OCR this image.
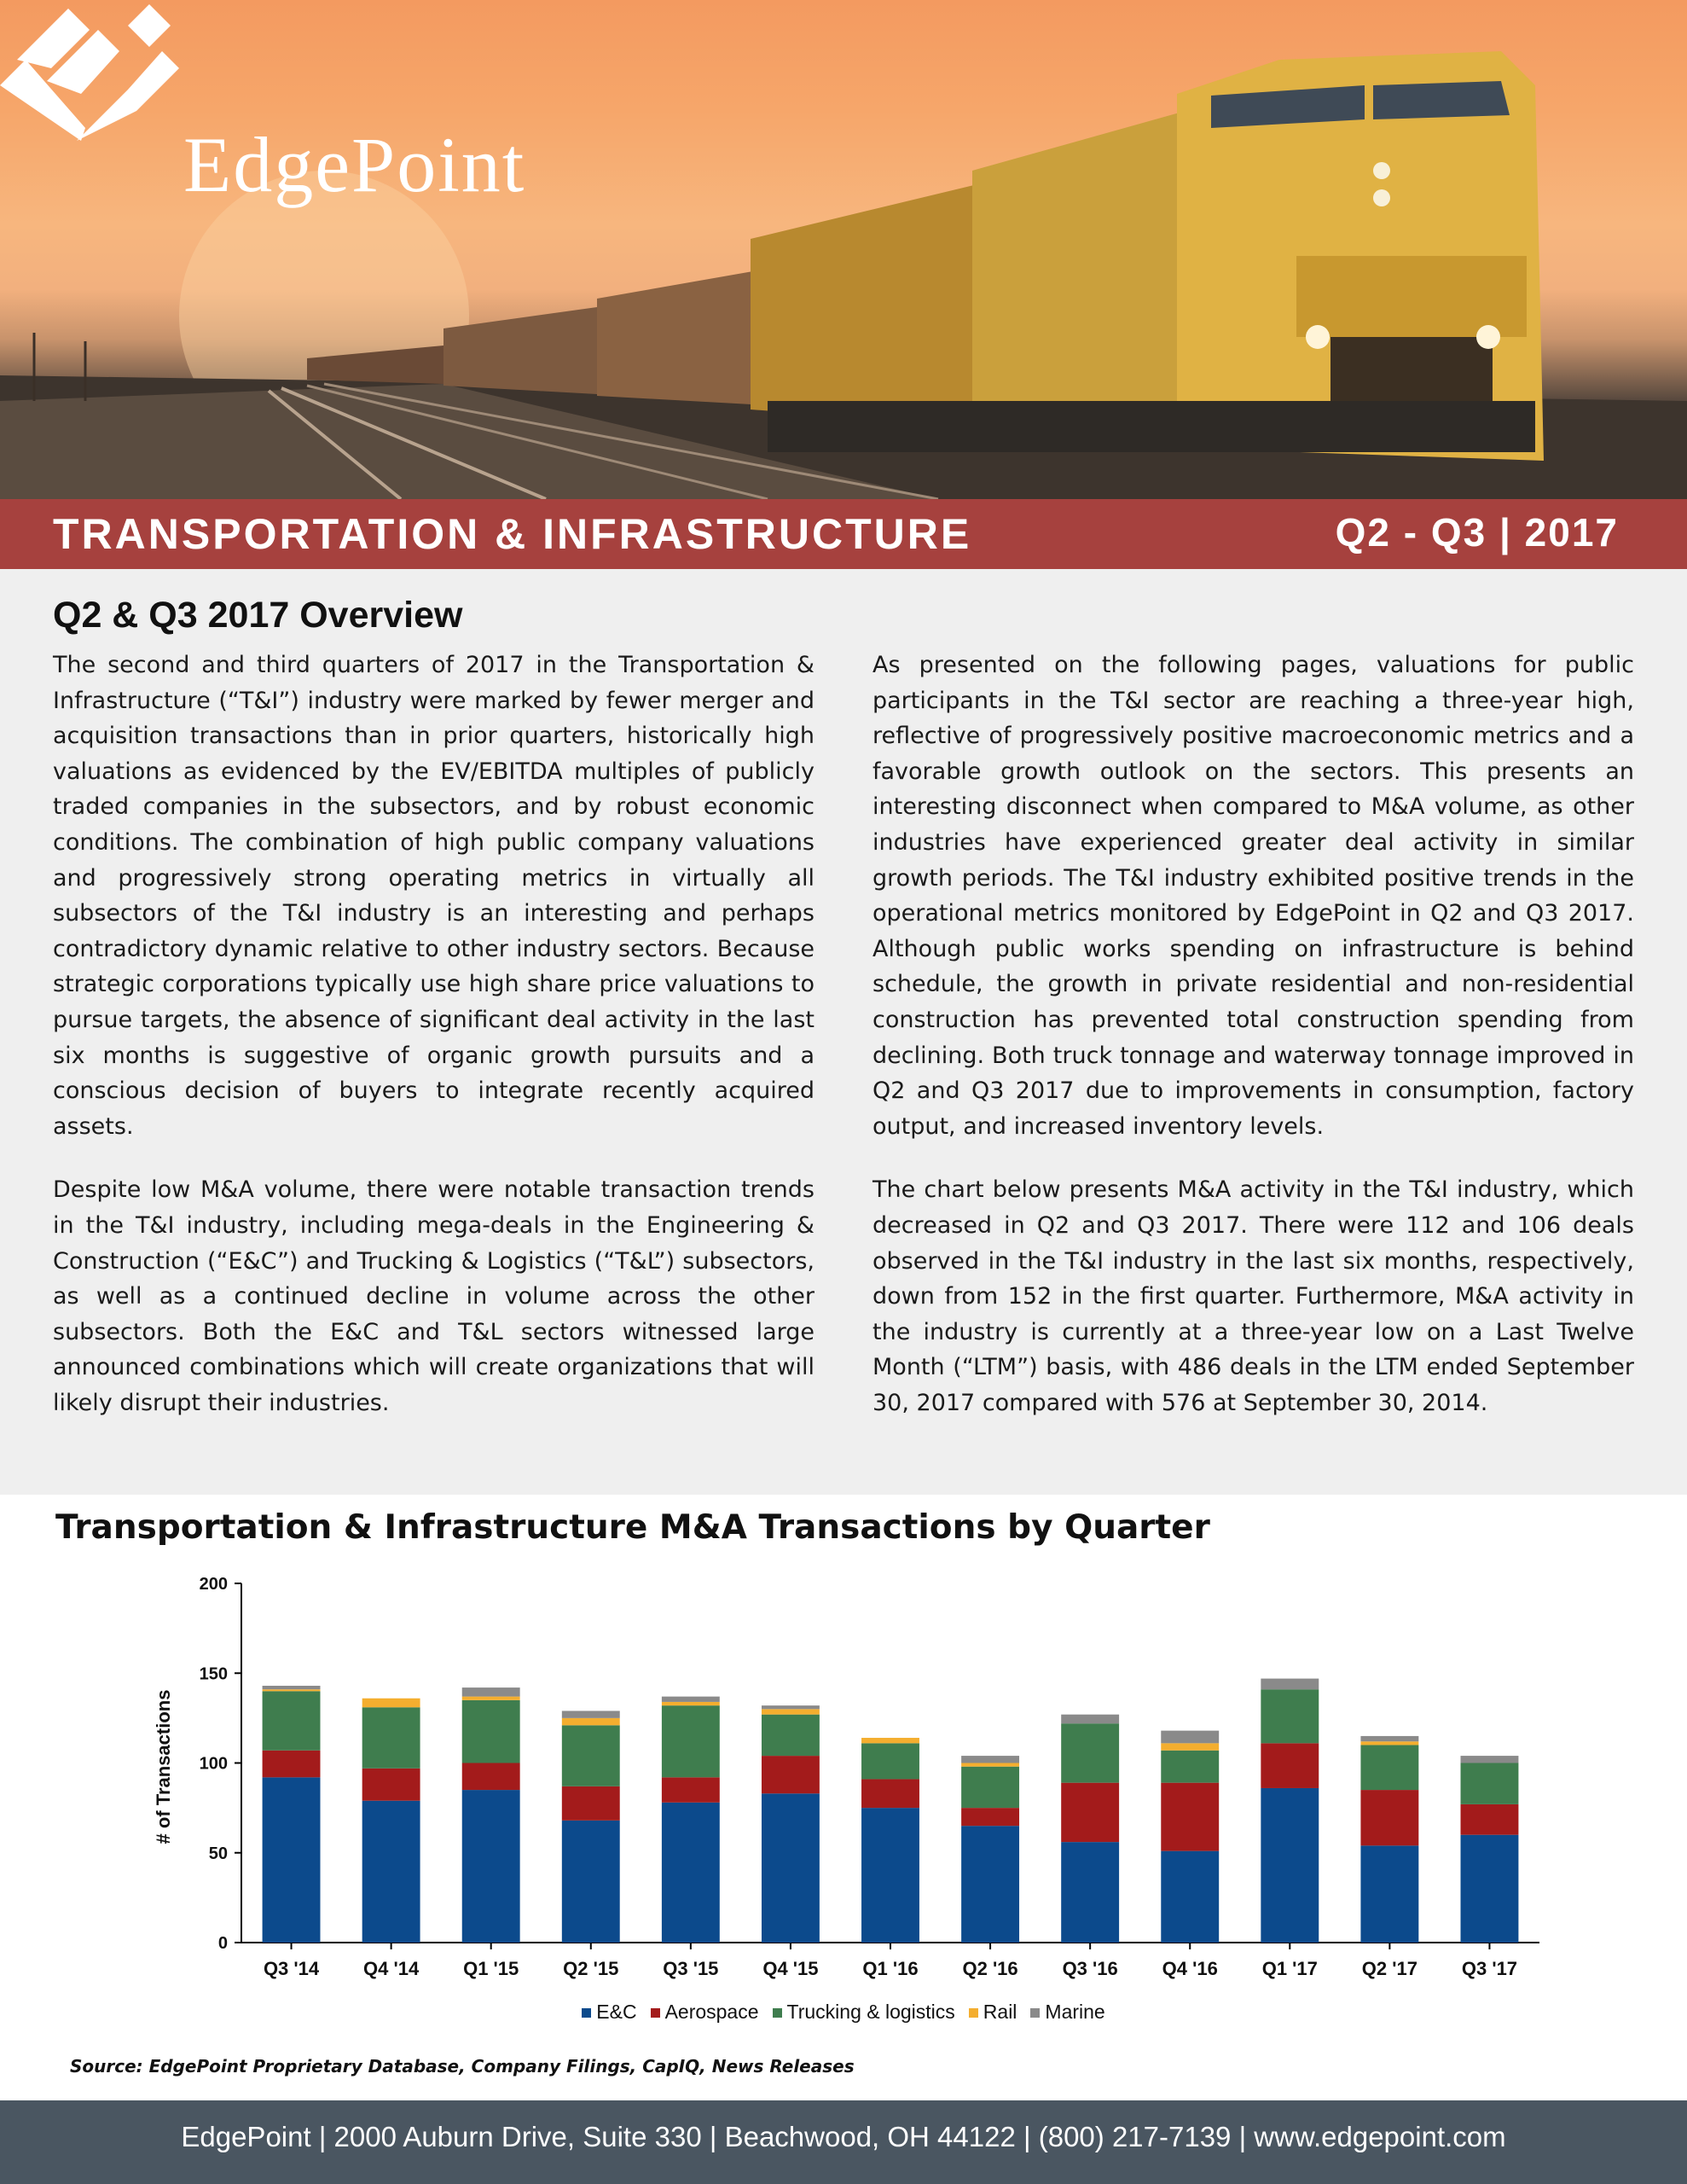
EdgePoint
TRANSPORTATION & INFRASTRUCTURE	Q2 - Q3 | 2017
Q2 & Q3 2017 Overview

The second and third quarters of 2017 in the Transportation & Infrastructure (“T&I”) industry were marked by fewer merger and acquisition transactions than in prior quarters, historically high valuations as evidenced by the EV/EBITDA multiples of publicly traded companies in the subsectors, and by robust economic conditions. The combination of high public company valuations and progressively strong operating metrics in virtually all subsectors of the T&I industry is an interesting and perhaps contradictory dynamic relative to other industry sectors. Because strategic corporations typically use high share price valuations to pursue targets, the absence of significant deal activity in the last six months is suggestive of organic growth pursuits and a conscious decision of buyers to integrate recently acquired assets.

Despite low M&A volume, there were notable transaction trends in the T&I industry, including mega-deals in the Engineering & Construction (“E&C”) and Trucking & Logistics (“T&L”) subsectors, as well as a continued decline in volume across the other subsectors. Both the E&C and T&L sectors witnessed large announced combinations which will create organizations that will likely disrupt their industries.

As presented on the following pages, valuations for public participants in the T&I sector are reaching a three-year high, reflective of progressively positive macroeconomic metrics and a favorable growth outlook on the sectors. This presents an interesting disconnect when compared to M&A volume, as other industries have experienced greater deal activity in similar growth periods. The T&I industry exhibited positive trends in the operational metrics monitored by EdgePoint in Q2 and Q3 2017. Although public works spending on infrastructure is behind schedule, the growth in private residential and non-residential construction has prevented total construction spending from declining. Both truck tonnage and waterway tonnage improved in Q2 and Q3 2017 due to improvements in consumption, factory output, and increased inventory levels.

The chart below presents M&A activity in the T&I industry, which decreased in Q2 and Q3 2017. There were 112 and 106 deals observed in the T&I industry in the last six months, respectively, down from 152 in the first quarter. Furthermore, M&A activity in the industry is currently at a three-year low on a Last Twelve Month (“LTM”) basis, with 486 deals in the LTM ended September 30, 2017 compared with 576 at September 30, 2014.

Transportation & Infrastructure M&A Transactions by Quarter
# of Transactions
0
50
100
150
200
Q3 '14 Q4 '14 Q1 '15 Q2 '15 Q3 '15 Q4 '15 Q1 '16 Q2 '16 Q3 '16 Q4 '16 Q1 '17 Q2 '17 Q3 '17
E&C Aerospace Trucking & logistics Rail Marine
Source: EdgePoint Proprietary Database, Company Filings, CapIQ, News Releases
EdgePoint | 2000 Auburn Drive, Suite 330 | Beachwood, OH 44122 | (800) 217-7139 | www.edgepoint.com
